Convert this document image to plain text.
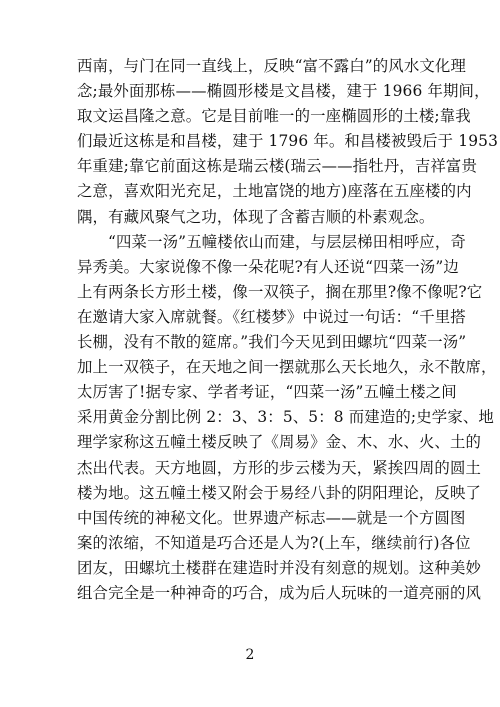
西南，与门在同一直线上，反映“富不露白”的风水文化理
念;最外面那栋——椭圆形楼是文昌楼，建于 1966 年期间，
取文运昌隆之意。它是目前唯一的一座椭圆形的土楼;靠我
们最近这栋是和昌楼，建于 1796 年。和昌楼被毁后于 1953
年重建;靠它前面这栋是瑞云楼(瑞云——指牡丹，吉祥富贵
之意，喜欢阳光充足，土地富饶的地方)座落在五座楼的内
隅，有藏风聚气之功，体现了含蓄吉顺的朴素观念。
“四菜一汤”五幢楼依山而建，与层层梯田相呼应，奇
异秀美。大家说像不像一朵花呢?有人还说“四菜一汤”边
上有两条长方形土楼，像一双筷子，搁在那里?像不像呢?它
在邀请大家入席就餐。《红楼梦》中说过一句话：“千里搭
长棚，没有不散的筵席。”我们今天见到田螺坑“四菜一汤”
加上一双筷子，在天地之间一摆就那么天长地久，永不散席，
太厉害了!据专家、学者考证，“四菜一汤”五幢土楼之间
采用黄金分割比例 2：3、3：5、5：8 而建造的;史学家、地
理学家称这五幢土楼反映了《周易》金、木、水、火、土的
杰出代表。天方地圆，方形的步云楼为天，紧挨四周的圆土
楼为地。这五幢土楼又附会于易经八卦的阴阳理论，反映了
中国传统的神秘文化。世界遗产标志——就是一个方圆图
案的浓缩，不知道是巧合还是人为?(上车，继续前行)各位
团友，田螺坑土楼群在建造时并没有刻意的规划。这种美妙
组合完全是一种神奇的巧合，成为后人玩味的一道亮丽的风
2
